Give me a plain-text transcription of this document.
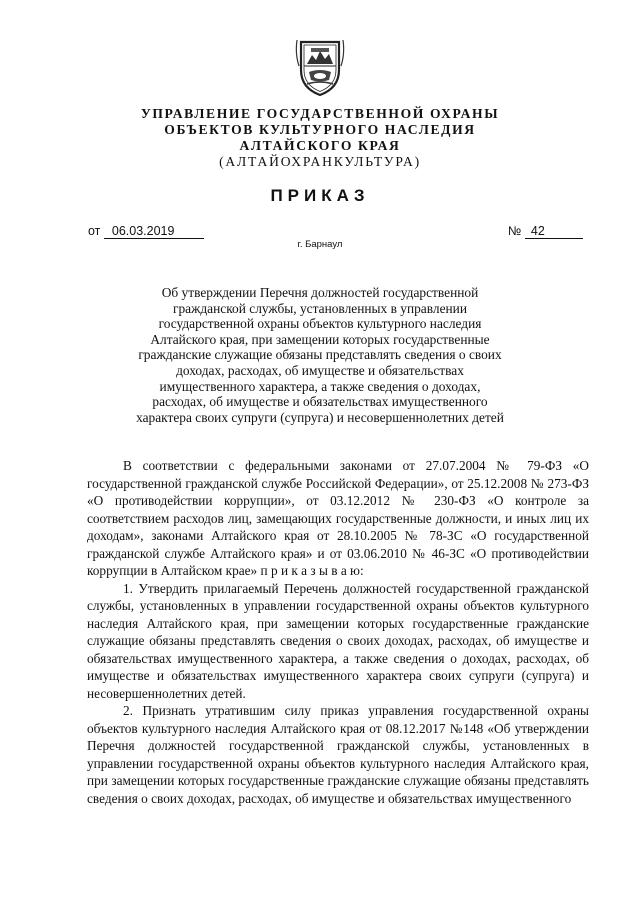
УПРАВЛЕНИЕ ГОСУДАРСТВЕННОЙ ОХРАНЫ
ОБЪЕКТОВ КУЛЬТУРНОГО НАСЛЕДИЯ
АЛТАЙСКОГО КРАЯ
(АЛТАЙОХРАНКУЛЬТУРА)
ПРИКАЗ
от 06.03.2019	№ 42
г. Барнаул
Об утверждении Перечня должностей государственной
гражданской службы, установленных в управлении
государственной охраны объектов культурного наследия
Алтайского края, при замещении которых государственные
гражданские служащие обязаны представлять сведения о своих
доходах, расходах, об имуществе и обязательствах
имущественного характера, а также сведения о доходах,
расходах, об имуществе и обязательствах имущественного
характера своих супруги (супруга) и несовершеннолетних детей

В соответствии с федеральными законами от 27.07.2004 № 79-ФЗ «О государственной гражданской службе Российской Федерации», от 25.12.2008 № 273-ФЗ «О противодействии коррупции», от 03.12.2012 № 230-ФЗ «О контроле за соответствием расходов лиц, замещающих государственные должности, и иных лиц их доходам», законами Алтайского края от 28.10.2005 № 78-ЗС «О государственной гражданской службе Алтайского края» и от 03.06.2010 № 46-ЗС «О противодействии коррупции в Алтайском крае» п р и к а з ы в а ю:

1. Утвердить прилагаемый Перечень должностей государственной гражданской службы, установленных в управлении государственной охраны объектов культурного наследия Алтайского края, при замещении которых государственные гражданские служащие обязаны представлять сведения о своих доходах, расходах, об имуществе и обязательствах имущественного характера, а также сведения о доходах, расходах, об имуществе и обязательствах имущественного характера своих супруги (супруга) и несовершеннолетних детей.

2. Признать утратившим силу приказ управления государственной охраны объектов культурного наследия Алтайского края от 08.12.2017 №148 «Об утверждении Перечня должностей государственной гражданской службы, установленных в управлении государственной охраны объектов культурного наследия Алтайского края, при замещении которых государственные гражданские служащие обязаны представлять сведения о своих доходах, расходах, об имуществе и обязательствах имущественного
